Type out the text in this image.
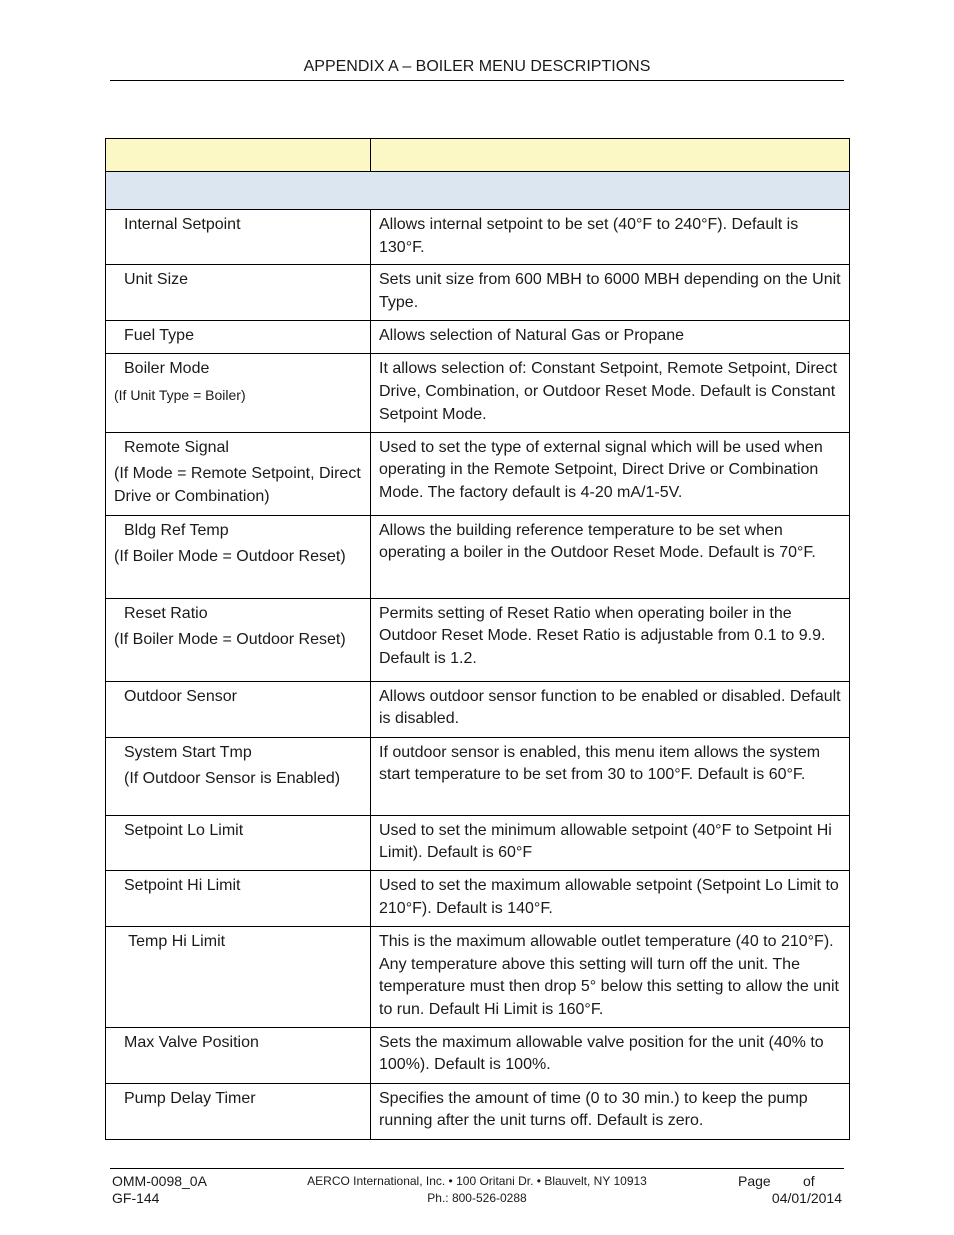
APPENDIX A – BOILER MENU DESCRIPTIONS

Internal Setpoint	Allows internal setpoint to be set (40°F to 240°F). Default is 130°F.

Unit Size	Sets unit size from 600 MBH to 6000 MBH depending on the Unit Type.

Fuel Type	Allows selection of Natural Gas or Propane

Boiler Mode
(If Unit Type = Boiler)	It allows selection of: Constant Setpoint, Remote Setpoint, Direct Drive, Combination, or Outdoor Reset Mode. Default is Constant Setpoint Mode.

Remote Signal
(If Mode = Remote Setpoint, Direct Drive or Combination)	Used to set the type of external signal which will be used when operating in the Remote Setpoint, Direct Drive or Combination Mode. The factory default is 4-20 mA/1-5V.

Bldg Ref Temp
(If Boiler Mode = Outdoor Reset)	Allows the building reference temperature to be set when operating a boiler in the Outdoor Reset Mode. Default is 70°F.

Reset Ratio
(If Boiler Mode = Outdoor Reset)	Permits setting of Reset Ratio when operating boiler in the Outdoor Reset Mode. Reset Ratio is adjustable from 0.1 to 9.9. Default is 1.2.

Outdoor Sensor	Allows outdoor sensor function to be enabled or disabled. Default is disabled.

System Start Tmp
(If Outdoor Sensor is Enabled)	If outdoor sensor is enabled, this menu item allows the system start temperature to be set from 30 to 100°F. Default is 60°F.

Setpoint Lo Limit	Used to set the minimum allowable setpoint (40°F to Setpoint Hi Limit). Default is 60°F

Setpoint Hi Limit	Used to set the maximum allowable setpoint (Setpoint Lo Limit to 210°F). Default is 140°F.

Temp Hi Limit	This is the maximum allowable outlet temperature (40 to 210°F). Any temperature above this setting will turn off the unit. The temperature must then drop 5° below this setting to allow the unit to run. Default Hi Limit is 160°F.

Max Valve Position	Sets the maximum allowable valve position for the unit (40% to 100%). Default is 100%.

Pump Delay Timer	Specifies the amount of time (0 to 30 min.) to keep the pump running after the unit turns off. Default is zero.
OMM-0098_0A
GF-144
AERCO International, Inc. • 100 Oritani Dr. • Blauvelt, NY 10913
Ph.: 800-526-0288
Page of
04/01/2014
